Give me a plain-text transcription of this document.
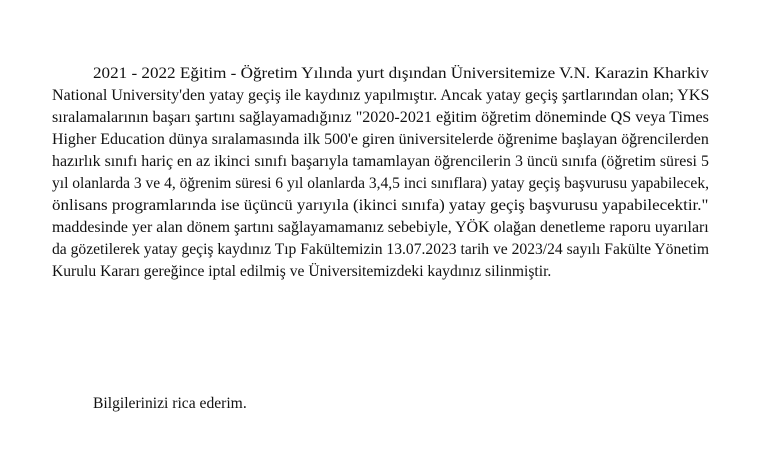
2021 - 2022 Eğitim - Öğretim Yılında yurt dışından Üniversitemize V.N. Karazin Kharkiv
National University'den yatay geçiş ile kaydınız yapılmıştır. Ancak yatay geçiş şartlarından olan; YKS
sıralamalarının başarı şartını sağlayamadığınız "2020-2021 eğitim öğretim döneminde QS veya Times
Higher Education dünya sıralamasında ilk 500'e giren üniversitelerde öğrenime başlayan öğrencilerden
hazırlık sınıfı hariç en az ikinci sınıfı başarıyla tamamlayan öğrencilerin 3 üncü sınıfa (öğretim süresi 5
yıl olanlarda 3 ve 4, öğrenim süresi 6 yıl olanlarda 3,4,5 inci sınıflara) yatay geçiş başvurusu yapabilecek,
önlisans programlarında ise üçüncü yarıyıla (ikinci sınıfa) yatay geçiş başvurusu yapabilecektir."
maddesinde yer alan dönem şartını sağlayamamanız sebebiyle, YÖK olağan denetleme raporu uyarıları
da gözetilerek yatay geçiş kaydınız Tıp Fakültemizin 13.07.2023 tarih ve 2023/24 sayılı Fakülte Yönetim
Kurulu Kararı gereğince iptal edilmiş ve Üniversitemizdeki kaydınız silinmiştir.
Bilgilerinizi rica ederim.
